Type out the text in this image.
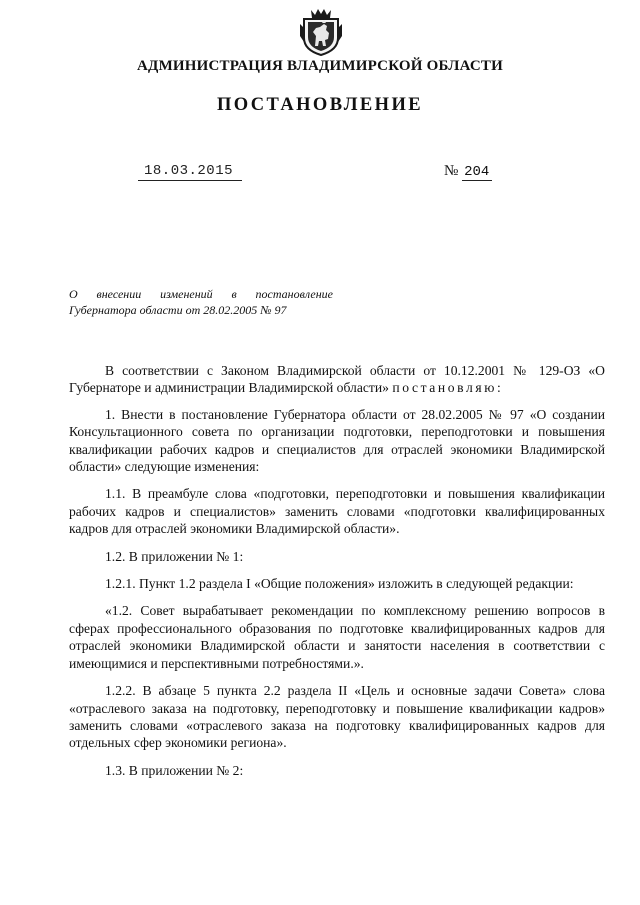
АДМИНИСТРАЦИЯ ВЛАДИМИРСКОЙ ОБЛАСТИ
ПОСТАНОВЛЕНИЕ
18.03.2015	№ 204
О внесении изменений в постановление
Губернатора области от 28.02.2005 № 97

В соответствии с Законом Владимирской области от 10.12.2001 № 129-ОЗ «О Губернаторе и администрации Владимирской области» постановляю:

1. Внести в постановление Губернатора области от 28.02.2005 № 97 «О создании Консультационного совета по организации подготовки, переподготовки и повышения квалификации рабочих кадров и специалистов для отраслей экономики Владимирской области» следующие изменения:

1.1. В преамбуле слова «подготовки, переподготовки и повышения квалификации рабочих кадров и специалистов» заменить словами «подготовки квалифицированных кадров для отраслей экономики Владимирской области».

1.2. В приложении № 1:

1.2.1. Пункт 1.2 раздела I «Общие положения» изложить в следующей редакции:

«1.2. Совет вырабатывает рекомендации по комплексному решению вопросов в сферах профессионального образования по подготовке квалифицированных кадров для отраслей экономики Владимирской области и занятости населения в соответствии с имеющимися и перспективными потребностями.».

1.2.2. В абзаце 5 пункта 2.2 раздела II «Цель и основные задачи Совета» слова «отраслевого заказа на подготовку, переподготовку и повышение квалификации кадров» заменить словами «отраслевого заказа на подготовку квалифицированных кадров для отдельных сфер экономики региона».

1.3. В приложении № 2:
